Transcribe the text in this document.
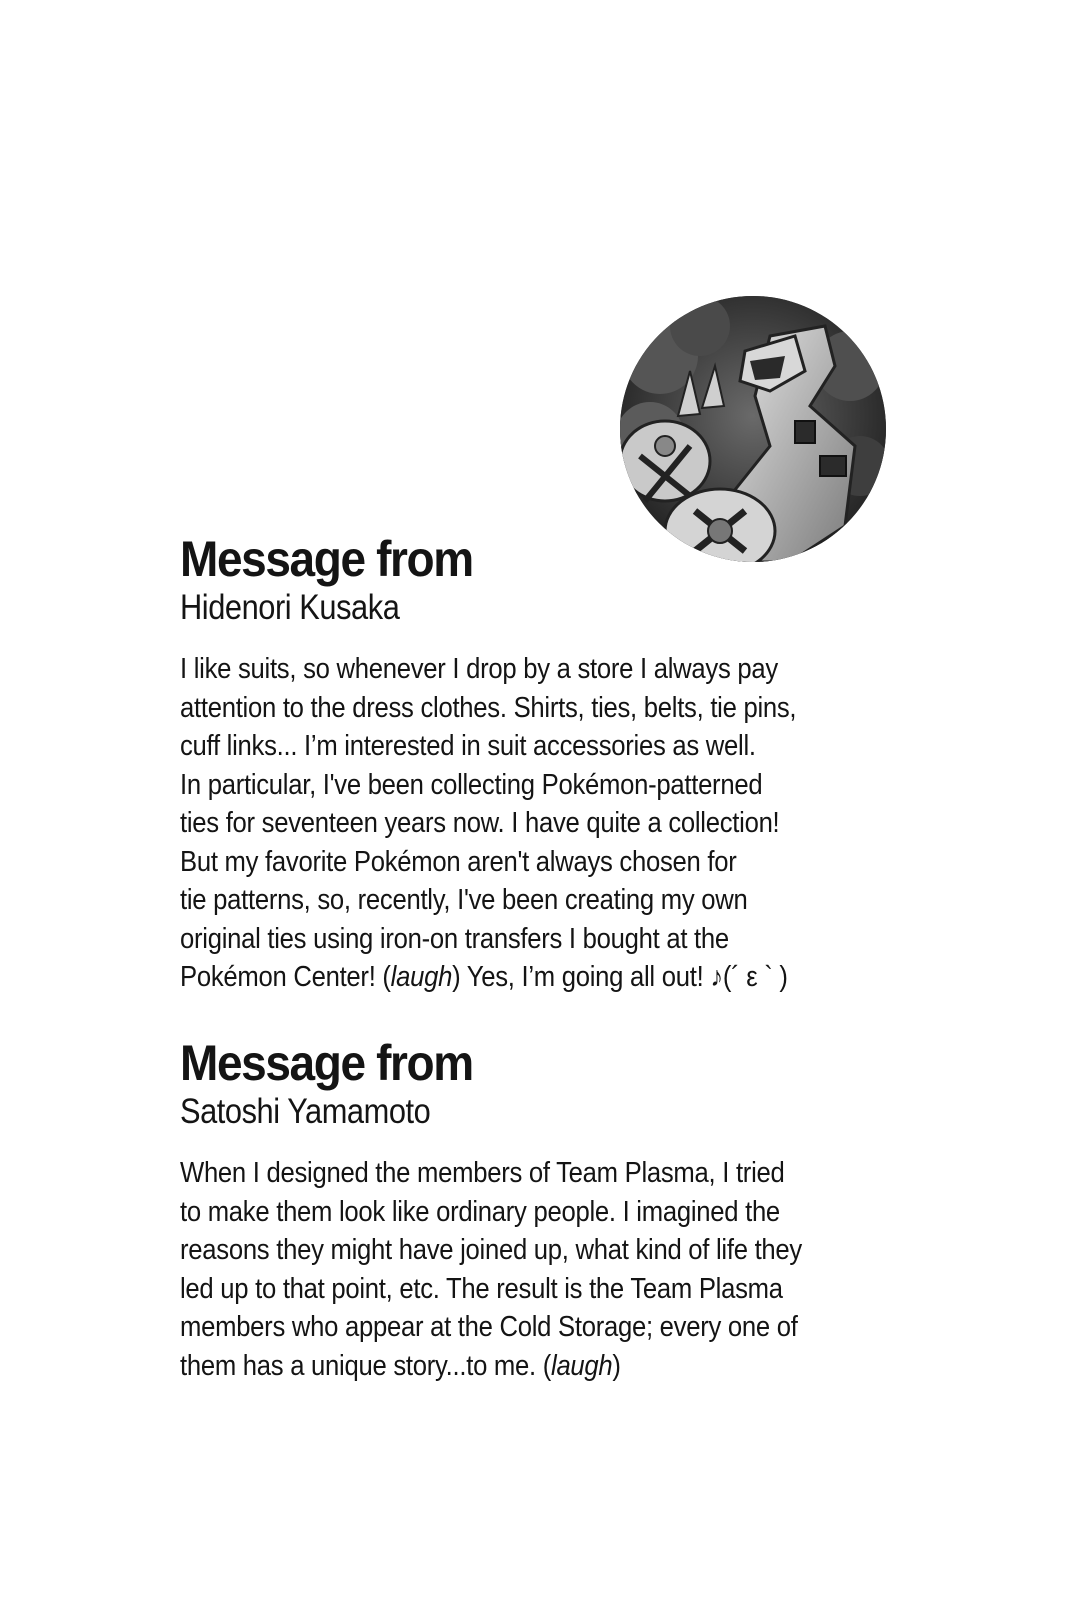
Message from
Hidenori Kusaka
I like suits, so whenever I drop by a store I always pay
attention to the dress clothes. Shirts, ties, belts, tie pins,
cuff links... I’m interested in suit accessories as well.
In particular, I've been collecting Pokémon-patterned
ties for seventeen years now. I have quite a collection!
But my favorite Pokémon aren't always chosen for
tie patterns, so, recently, I've been creating my own
original ties using iron-on transfers I bought at the
Pokémon Center! (laugh) Yes, I’m going all out! ♪(´ ε ` )
Message from
Satoshi Yamamoto
When I designed the members of Team Plasma, I tried
to make them look like ordinary people. I imagined the
reasons they might have joined up, what kind of life they
led up to that point, etc. The result is the Team Plasma
members who appear at the Cold Storage; every one of
them has a unique story...to me. (laugh)
